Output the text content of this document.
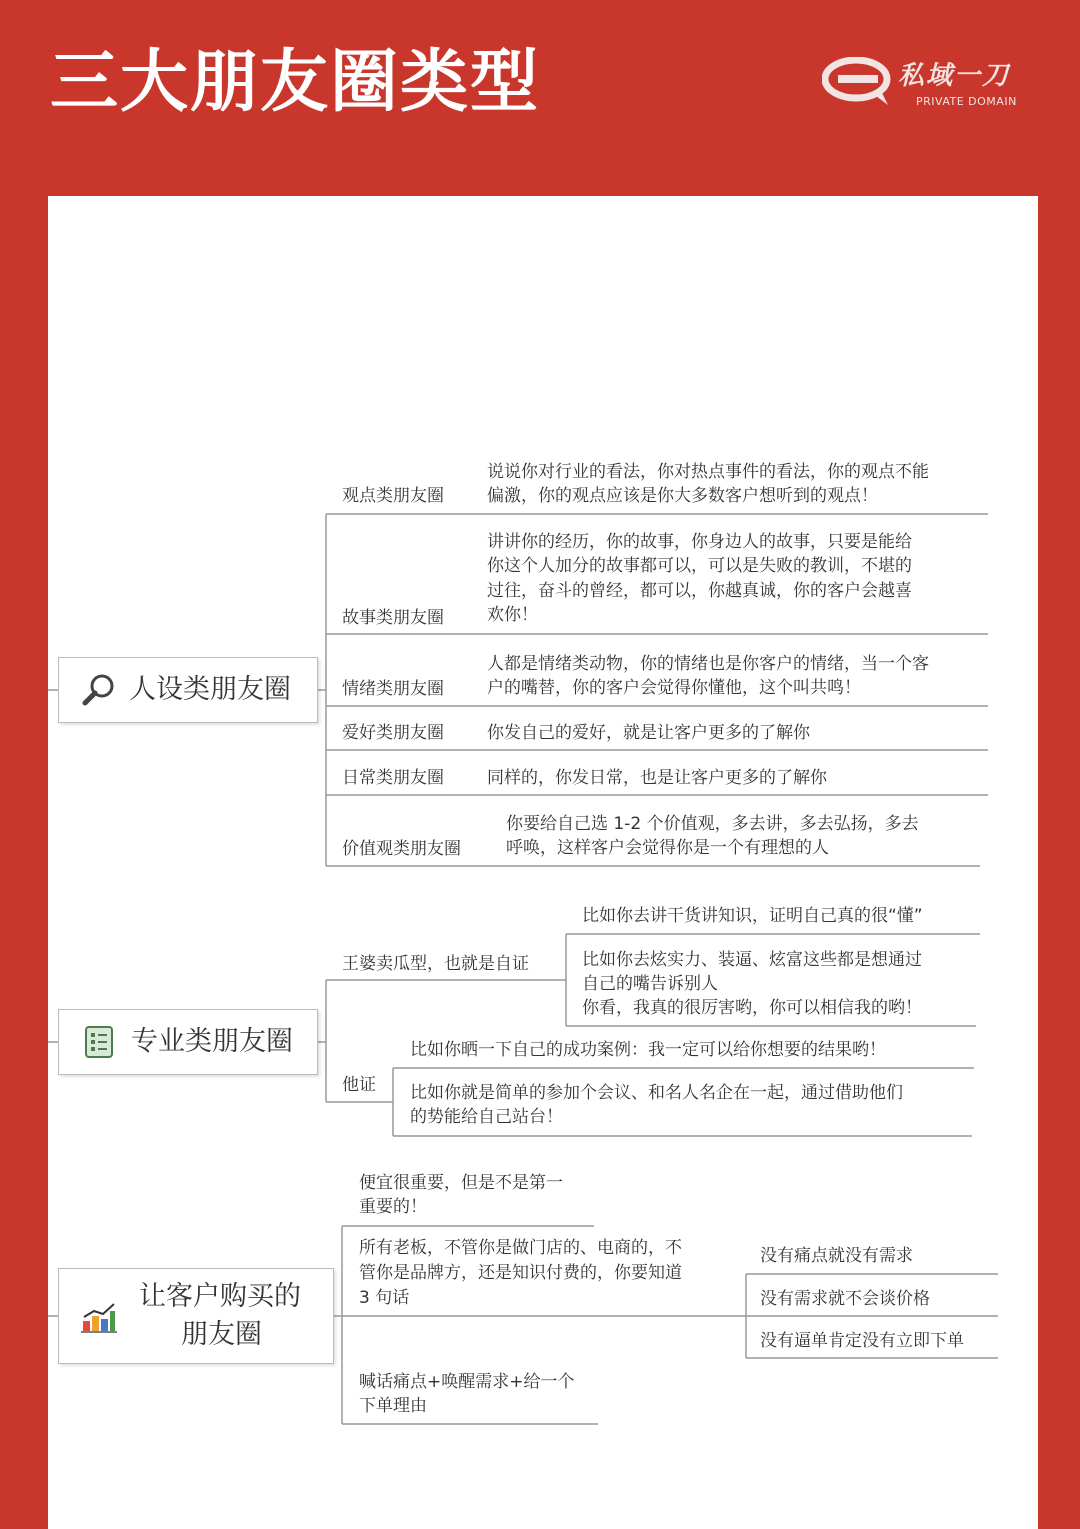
三大朋友圈类型	私域一刀
PRIVATE DOMAIN
人设类朋友圈
观点类朋友圈
说说你对行业的看法，你对热点事件的看法，你的观点不能
偏激，你的观点应该是你大多数客户想听到的观点！
故事类朋友圈
讲讲你的经历，你的故事，你身边人的故事，只要是能给
你这个人加分的故事都可以，可以是失败的教训，不堪的
过往，奋斗的曾经，都可以，你越真诚，你的客户会越喜
欢你！
情绪类朋友圈
人都是情绪类动物，你的情绪也是你客户的情绪，当一个客
户的嘴替，你的客户会觉得你懂他，这个叫共鸣！
爱好类朋友圈	你发自己的爱好，就是让客户更多的了解你
日常类朋友圈	同样的，你发日常，也是让客户更多的了解你
价值观类朋友圈
你要给自己选 1-2 个价值观，多去讲，多去弘扬，多去
呼唤，这样客户会觉得你是一个有理想的人
专业类朋友圈
王婆卖瓜型，也就是自证
比如你去讲干货讲知识，证明自己真的很“懂”
比如你去炫实力、装逼、炫富这些都是想通过
自己的嘴告诉别人
你看，我真的很厉害哟，你可以相信我的哟！
他证
比如你晒一下自己的成功案例：我一定可以给你想要的结果哟！
比如你就是简单的参加个会议、和名人名企在一起，通过借助他们
的势能给自己站台！
让客户购买的
朋友圈
便宜很重要，但是不是第一
重要的！
所有老板，不管你是做门店的、电商的，不
管你是品牌方，还是知识付费的，你要知道
3 句话
喊话痛点+唤醒需求+给一个
下单理由
没有痛点就没有需求
没有需求就不会谈价格
没有逼单肯定没有立即下单
